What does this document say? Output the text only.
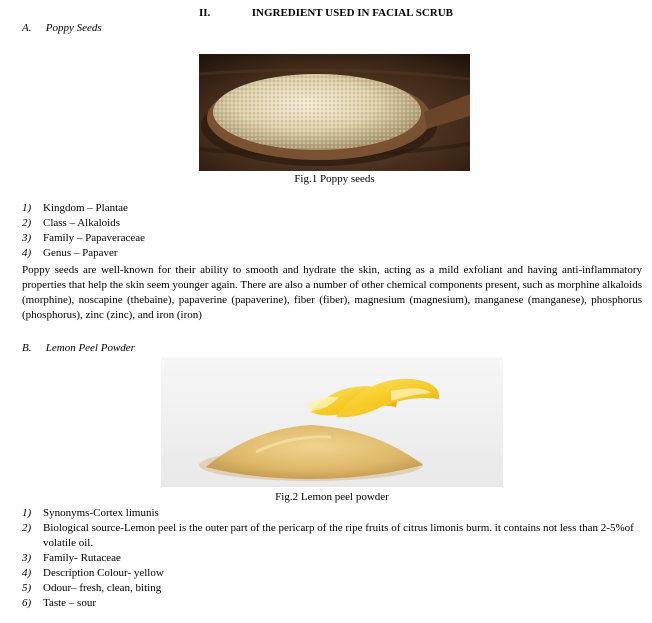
II.	INGREDIENT USED IN FACIAL SCRUB
A. Poppy Seeds
Fig.1 Poppy seeds
1) Kingdom – Plantae
2) Class – Alkaloids
3) Family – Papaveraceae
4) Genus – Papaver

Poppy seeds are well-known for their ability to smooth and hydrate the skin, acting as a mild exfoliant and having anti-inflammatory properties that help the skin seem younger again. There are also a number of other chemical components present, such as morphine alkaloids (morphine), noscapine (thebaine), papaverine (papaverine), fiber (fiber), magnesium (magnesium), manganese (manganese), phosphorus (phosphorus), zinc (zinc), and iron (iron)

B. Lemon Peel Powder
Fig.2 Lemon peel powder
1) Synonyms-Cortex limunis
2) Biological source-Lemon peel is the outer part of the pericarp of the ripe fruits of citrus limonis burm. it contains not less than 2-5%of volatile oil.
3) Family- Rutaceae
4) Description Colour- yellow
5) Odour– fresh, clean, biting
6) Taste – sour
